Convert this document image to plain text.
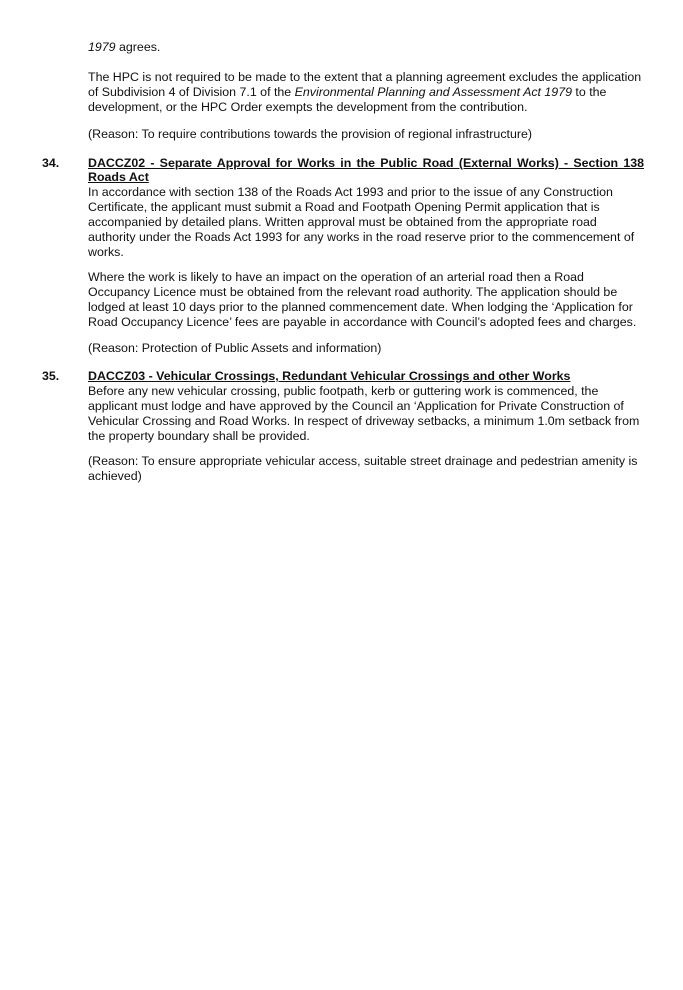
1979 agrees.

The HPC is not required to be made to the extent that a planning agreement excludes the application of Subdivision 4 of Division 7.1 of the Environmental Planning and Assessment Act 1979 to the development, or the HPC Order exempts the development from the contribution.

(Reason: To require contributions towards the provision of regional infrastructure)

34. DACCZ02 - Separate Approval for Works in the Public Road (External Works) - Section 138

Roads Act

In accordance with section 138 of the Roads Act 1993 and prior to the issue of any Construction Certificate, the applicant must submit a Road and Footpath Opening Permit application that is accompanied by detailed plans. Written approval must be obtained from the appropriate road authority under the Roads Act 1993 for any works in the road reserve prior to the commencement of works.

Where the work is likely to have an impact on the operation of an arterial road then a Road Occupancy Licence must be obtained from the relevant road authority. The application should be lodged at least 10 days prior to the planned commencement date. When lodging the ‘Application for Road Occupancy Licence’ fees are payable in accordance with Council’s adopted fees and charges.

(Reason: Protection of Public Assets and information)

35. DACCZ03 - Vehicular Crossings, Redundant Vehicular Crossings and other Works

Before any new vehicular crossing, public footpath, kerb or guttering work is commenced, the applicant must lodge and have approved by the Council an ‘Application for Private Construction of Vehicular Crossing and Road Works. In respect of driveway setbacks, a minimum 1.0m setback from the property boundary shall be provided.

(Reason: To ensure appropriate vehicular access, suitable street drainage and pedestrian amenity is achieved)
